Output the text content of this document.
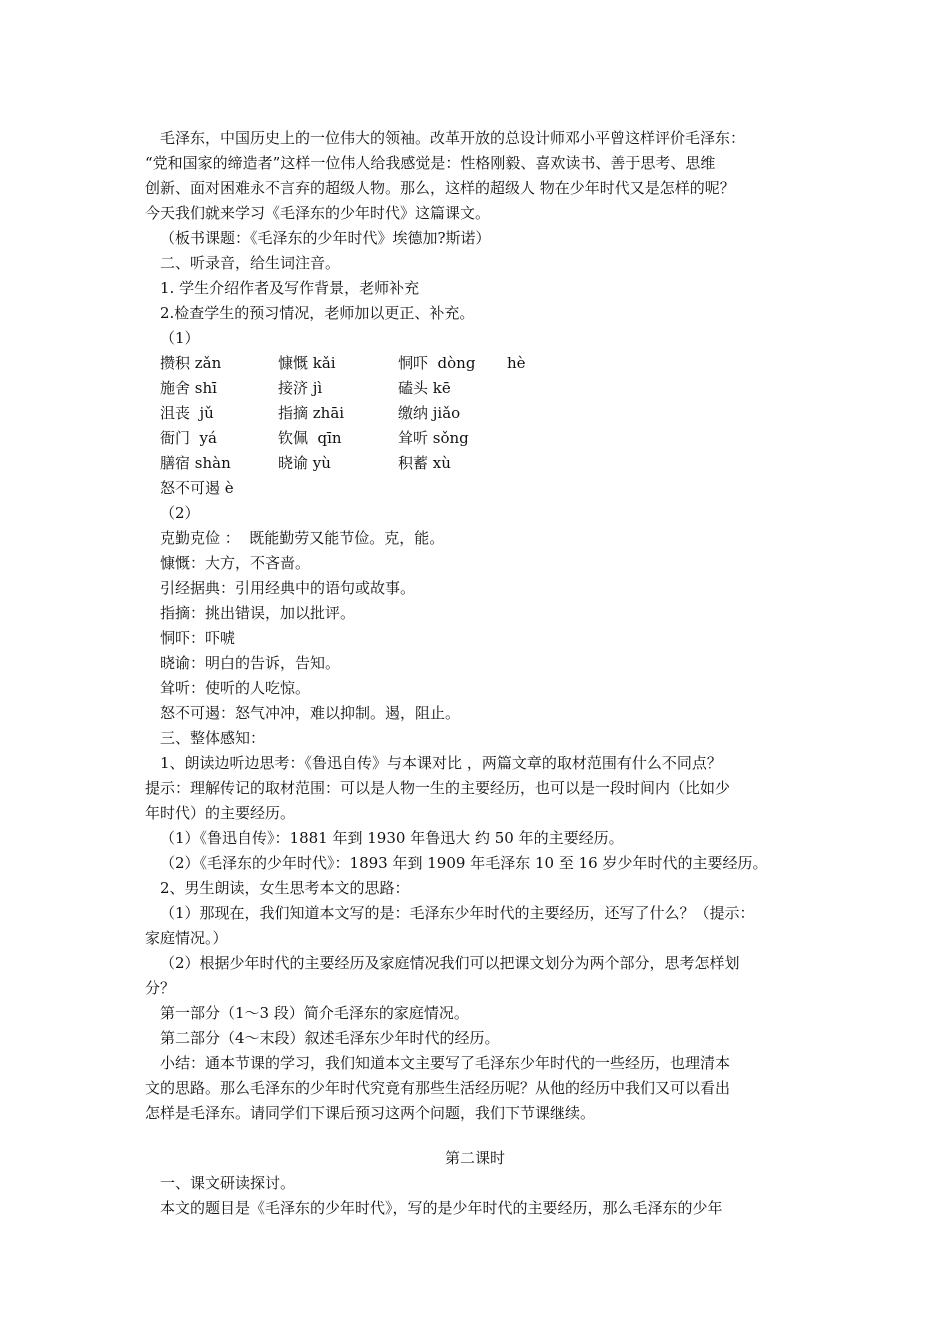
毛泽东，中国历史上的一位伟大的领袖。改革开放的总设计师邓小平曾这样评价毛泽东：
“党和国家的缔造者”这样一位伟人给我感觉是：性格刚毅、喜欢读书、善于思考、思维
创新、面对困难永不言弃的超级人物。那么，这样的超级人 物在少年时代又是怎样的呢？
今天我们就来学习《毛泽东的少年时代》这篇课文。
（板书课题：《毛泽东的少年时代》埃德加?斯诺）
二、听录音，给生词注音。
1. 学生介绍作者及写作背景，老师补充
2.检查学生的预习情况，老师加以更正、补充。
（1）
怒不可遏 è
（2）
克勤克俭 ：  既能勤劳又能节俭。克，能。
慷慨：大方，不吝啬。
引经据典：引用经典中的语句或故事。
指摘：挑出错误，加以批评。
恫吓：吓唬
晓谕：明白的告诉，告知。
耸听：使听的人吃惊。
怒不可遏：怒气冲冲，难以抑制。遏，阻止。
三、整体感知：
1、朗读边听边思考：《鲁迅自传》与本课对比 ，两篇文章的取材范围有什么不同点？
提示：理解传记的取材范围：可以是人物一生的主要经历，也可以是一段时间内（比如少
年时代）的主要经历。
（1）《鲁迅自传》：1881 年到 1930 年鲁迅大 约 50 年的主要经历。
（2）《毛泽东的少年时代》：1893 年到 1909 年毛泽东 10 至 16 岁少年时代的主要经历。
2、男生朗读，女生思考本文的思路：
（1）那现在，我们知道本文写的是：毛泽东少年时代的主要经历，还写了什么？（提示：
家庭情况。）
（2）根据少年时代的主要经历及家庭情况我们可以把课文划分为两个部分，思考怎样划
分？
第一部分（1～3 段）简介毛泽东的家庭情况。
第二部分（4～末段）叙述毛泽东少年时代的经历。
小结：通本节课的学习，我们知道本文主要写了毛泽东少年时代的一些经历，也理清本
文的思路。那么毛泽东的少年时代究竟有那些生活经历呢？从他的经历中我们又可以看出
怎样是毛泽东。请同学们下课后预习这两个问题，我们下节课继续。
一、课文研读探讨。
本文的题目是《毛泽东的少年时代》，写的是少年时代的主要经历，那么毛泽东的少年
攒积 zǎn	慷慨 kǎi	恫吓  dòng hè
施舍 shī	接济 jì	磕头 kē
沮丧  jǔ	指摘 zhāi	缴纳 jiǎo
衙门  yá	钦佩  qīn	耸听 sǒng
膳宿 shàn	晓谕 yù	积蓄 xù
第二课时
